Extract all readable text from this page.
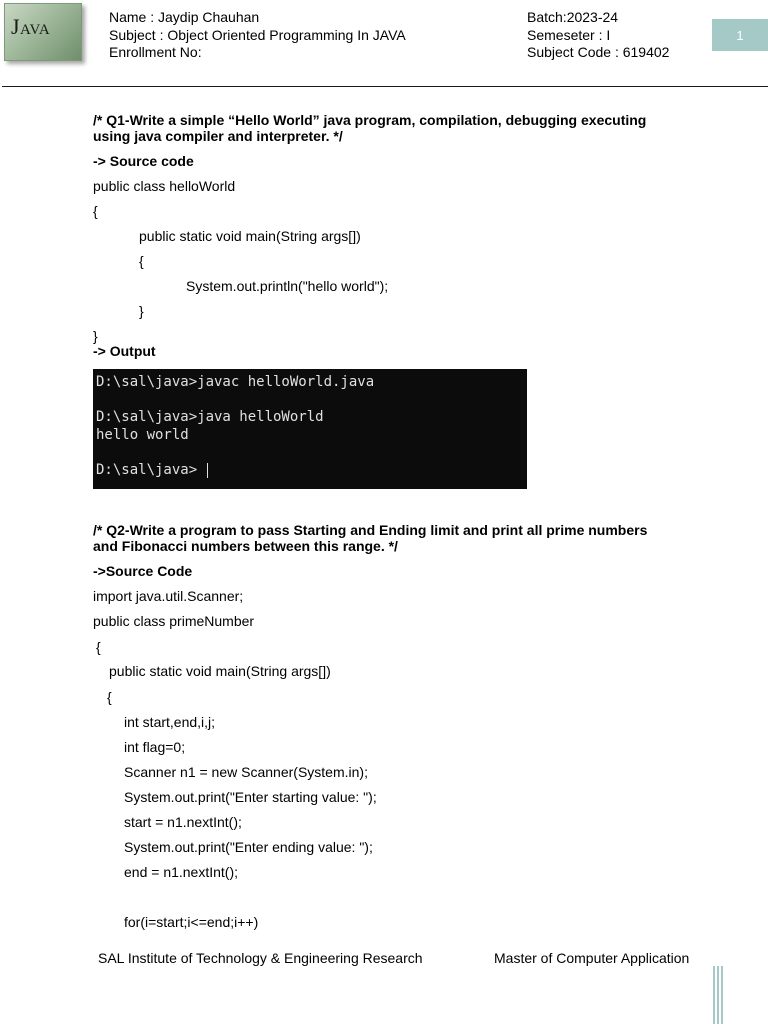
Java	Name : Jaydip Chauhan
Subject : Object Oriented Programming In JAVA
Enrollment No:
Batch:2023-24
Semeseter : I
Subject Code : 619402
1
/* Q1-Write a simple “Hello World” java program, compilation, debugging executing using java compiler and interpreter. */
-> Source code
public class helloWorld
{
public static void main(String args[])
{
System.out.println("hello world");
}
}
-> Output
D:\sal\java>javac helloWorld.java
D:\sal\java>java helloWorld
hello world
D:\sal\java>
/* Q2-Write a program to pass Starting and Ending limit and print all prime numbers and Fibonacci numbers between this range. */
->Source Code
import java.util.Scanner;
public class primeNumber
{
public static void main(String args[])
{
int start,end,i,j;
int flag=0;
Scanner n1 = new Scanner(System.in);
System.out.print("Enter starting value: ");
start = n1.nextInt();
System.out.print("Enter ending value: ");
end = n1.nextInt();
for(i=start;i<=end;i++)
SAL Institute of Technology & Engineering Research	Master of Computer Application
